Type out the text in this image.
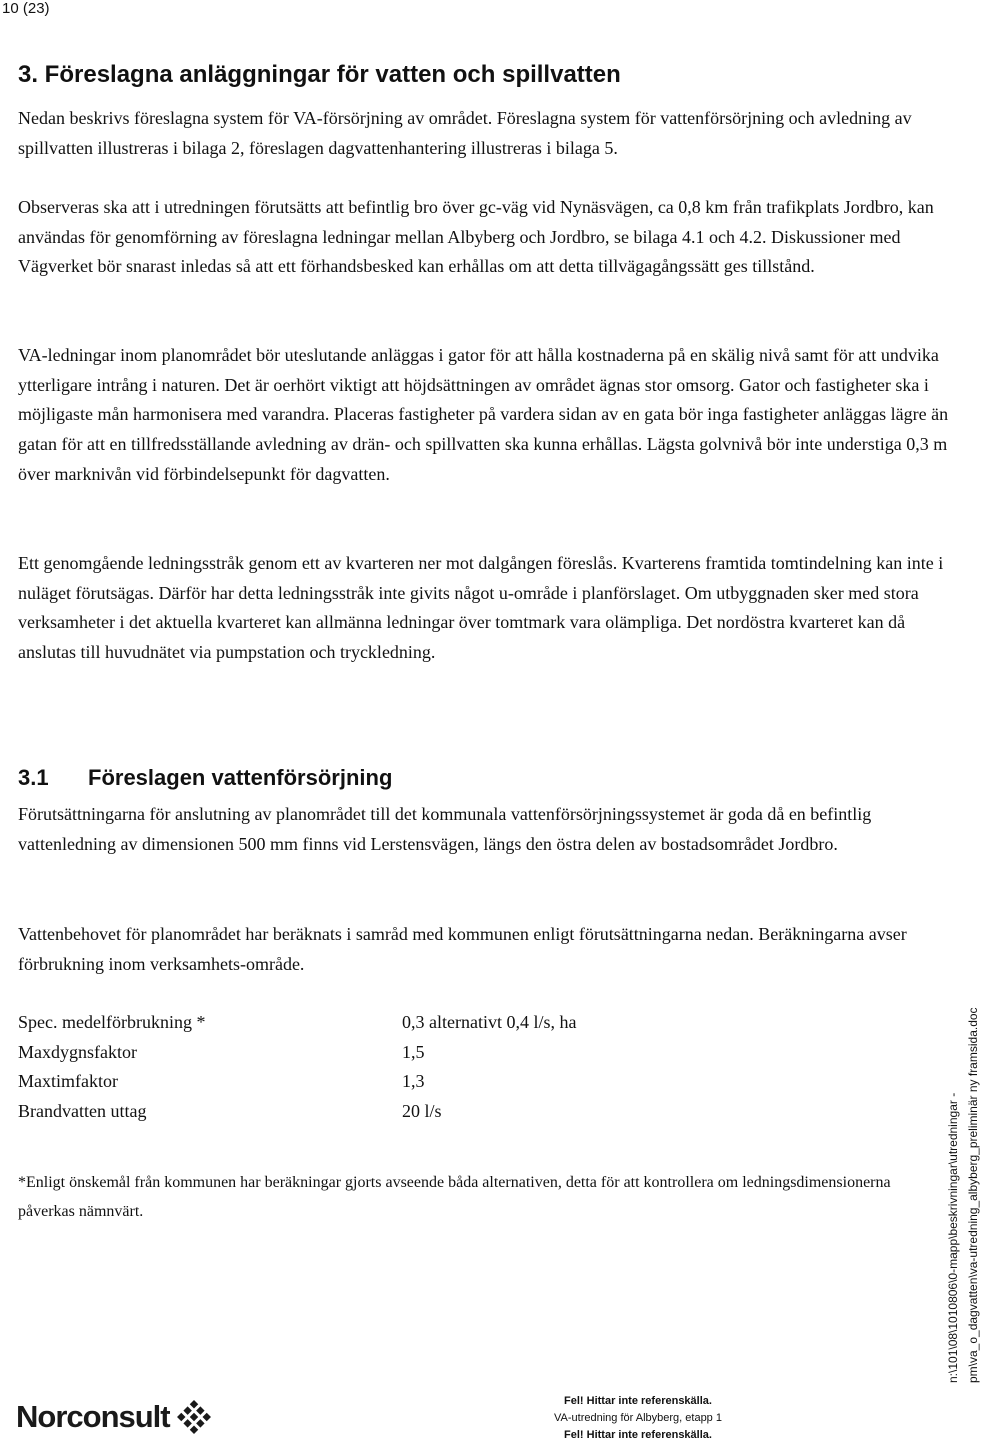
10 (23)
3. Föreslagna anläggningar för vatten och spillvatten

Nedan beskrivs föreslagna system för VA-försörjning av området. Föreslagna system för vattenförsörjning och avledning av spillvatten illustreras i bilaga 2, föreslagen dagvattenhantering illustreras i bilaga 5.

Observeras ska att i utredningen förutsätts att befintlig bro över gc-väg vid Nynäsvägen, ca 0,8 km från trafikplats Jordbro, kan användas för genomförning av föreslagna ledningar mellan Albyberg och Jordbro, se bilaga 4.1 och 4.2. Diskussioner med Vägverket bör snarast inledas så att ett förhandsbesked kan erhållas om att detta tillvägagångssätt ges tillstånd.

VA-ledningar inom planområdet bör uteslutande anläggas i gator för att hålla kostnaderna på en skälig nivå samt för att undvika ytterligare intrång i naturen. Det är oerhört viktigt att höjdsättningen av området ägnas stor omsorg. Gator och fastigheter ska i möjligaste mån harmonisera med varandra. Placeras fastigheter på vardera sidan av en gata bör inga fastigheter anläggas lägre än gatan för att en tillfredsställande avledning av drän- och spillvatten ska kunna erhållas. Lägsta golvnivå bör inte understiga 0,3 m över marknivån vid förbindelsepunkt för dagvatten.

Ett genomgående ledningsstråk genom ett av kvarteren ner mot dalgången föreslås. Kvarterens framtida tomtindelning kan inte i nuläget förutsägas. Därför har detta ledningsstråk inte givits något u-område i planförslaget. Om utbyggnaden sker med stora verksamheter i det aktuella kvarteret kan allmänna ledningar över tomtmark vara olämpliga. Det nordöstra kvarteret kan då anslutas till huvudnätet via pumpstation och tryckledning.

3.1 Föreslagen vattenförsörjning

Förutsättningarna för anslutning av planområdet till det kommunala vattenförsörjningssystemet är goda då en befintlig vattenledning av dimensionen 500 mm finns vid Lerstensvägen, längs den östra delen av bostadsområdet Jordbro.

Vattenbehovet för planområdet har beräknats i samråd med kommunen enligt förutsättningarna nedan. Beräkningarna avser förbrukning inom verksamhets-område.

Spec. medelförbrukning *	0,3 alternativt 0,4 l/s, ha
Maxdygnsfaktor	1,5
Maxtimfaktor	1,3
Brandvatten uttag	20 l/s

*Enligt önskemål från kommunen har beräkningar gjorts avseende båda alternativen, detta för att kontrollera om ledningsdimensionerna påverkas nämnvärt.	n:\101\08\1010806\0-mapp\beskrivningar\utredningar - pm\va_o_dagvatten\va-utredning_albyberg_preliminär ny framsida.doc
Norconsult	Fel! Hittar inte referenskälla.
VA-utredning för Albyberg, etapp 1
Fel! Hittar inte referenskälla.
